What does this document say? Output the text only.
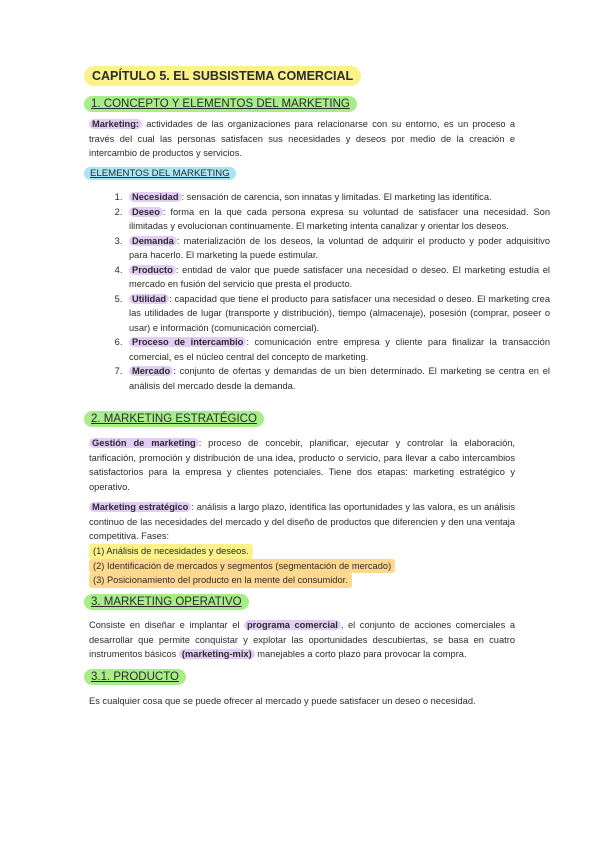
CAPÍTULO 5. EL SUBSISTEMA COMERCIAL
1. CONCEPTO Y ELEMENTOS DEL MARKETING
Marketing: actividades de las organizaciones para relacionarse con su entorno, es un proceso a través del cual las personas satisfacen sus necesidades y deseos por medio de la creación e intercambio de productos y servicios.
ELEMENTOS DEL MARKETING
1. Necesidad : sensación de carencia, son innatas y limitadas. El marketing las identifica.
2. Deseo : forma en la que cada persona expresa su voluntad de satisfacer una necesidad. Son ilimitadas y evolucionan continuamente. El marketing intenta canalizar y orientar los deseos.
3. Demanda : materialización de los deseos, la voluntad de adquirir el producto y poder adquisitivo para hacerlo. El marketing la puede estimular.
4. Producto : entidad de valor que puede satisfacer una necesidad o deseo. El marketing estudia el mercado en fusión del servicio que presta el producto.
5. Utilidad : capacidad que tiene el producto para satisfacer una necesidad o deseo. El marketing crea las utilidades de lugar (transporte y distribución), tiempo (almacenaje), posesión (comprar, poseer o usar) e información (comunicación comercial).
6. Proceso de intercambio : comunicación entre empresa y cliente para finalizar la transacción comercial, es el núcleo central del concepto de marketing.
7. Mercado : conjunto de ofertas y demandas de un bien determinado. El marketing se centra en el análisis del mercado desde la demanda.
2. MARKETING ESTRATÉGICO
Gestión de marketing : proceso de concebir, planificar, ejecutar y controlar la elaboración, tarificación, promoción y distribución de una idea, producto o servicio, para llevar a cabo intercambios satisfactorios para la empresa y clientes potenciales. Tiene dos etapas: marketing estratégico y operativo.
Marketing estratégico : análisis a largo plazo, identifica las oportunidades y las valora, es un análisis continuo de las necesidades del mercado y del diseño de productos que diferencien y den una ventaja competitiva. Fases:
(1) Análisis de necesidades y deseos.
(2) Identificación de mercados y segmentos (segmentación de mercado)
(3) Posicionamiento del producto en la mente del consumidor.
3. MARKETING OPERATIVO
Consiste en diseñar e implantar el programa comercial , el conjunto de acciones comerciales a desarrollar que permite conquistar y explotar las oportunidades descubiertas, se basa en cuatro instrumentos básicos (marketing-mix) manejables a corto plazo para provocar la compra.
3.1. PRODUCTO
Es cualquier cosa que se puede ofrecer al mercado y puede satisfacer un deseo o necesidad.
